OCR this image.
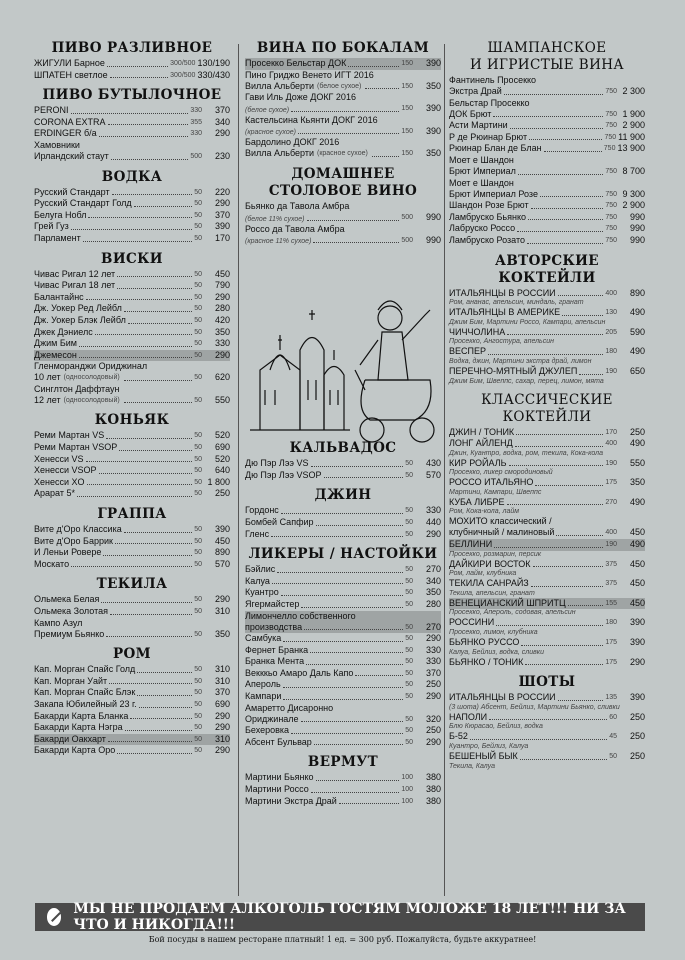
ПИВО РАЗЛИВНОЕ
ЖИГУЛИ Барное	300/500 130/190
ШПАТЕН светлое	300/500 330/430
ПИВО БУТЫЛОЧНОЕ
PERONI	330	370
CORONA EXTRA	355	340
ERDINGER б/а	330	290
Хамовники
Ирландский стаут	500	230
ВОДКА
Русский Стандарт	50	220
Русский Стандарт Голд	50	290
Белуга Нобл	50	370
Грей Гуз	50	390
Парламент	50	170
ВИСКИ
Чивас Ригал 12 лет	50	450
Чивас Ригал 18 лет	50	790
Балантайнс	50	290
Дж. Уокер Ред Лейбл	50	280
Дж. Уокер Блэк Лейбл	50	420
Джек Дэниелс	50	350
Джим Бим	50	330
Джемесон	50	290
Гленморанджи Ориджинал
10 лет (односолодовый)	50	620
Синглтон Даффтаун
12 лет (односолодовый)	50	550
КОНЬЯК
Реми Мартан VS	50	520
Реми Мартан VSOP	50	690
Хенесси VS	50	520
Хенесси VSOP	50	640
Хенесси XO	50 1 800
Арарат 5*	50	250
ГРАППА
Вите д'Оро Классика	50	390
Вите д'Оро Баррик	50	450
И Леньи Ровере	50	890
Москато	50	570
ТЕКИЛА
Ольмека Белая	50	290
Ольмека Золотая	50	310
Кампо Азул
Премиум Бьянко	50	350
РОМ
Кап. Морган Спайс Голд	50	310
Кап. Морган Уайт	50	310
Кап. Морган Спайс Блэк	50	370
Закапа Юбилейный 23 г.	50	690
Бакарди Карта Бланка	50	290
Бакарди Карта Нэгра	50	290
Бакарди Оакхарт	50	310
Бакарди Карта Оро	50	290
ВИНА ПО БОКАЛАМ
Просекко Бельстар ДОК	150	390
Пино Гриджо Венето ИГТ 2016
Вилла Альберти (белое сухое)	150	350
Гави Иль Доже ДОКГ 2016
(белое сухое)	150	390
Кастельсина Кьянти ДОКГ 2016
(красное сухое)	150	390
Бардолино ДОКГ 2016
Вилла Альберти (красное сухое)	150	350
ДОМАШНЕЕ
СТОЛОВОЕ ВИНО
Бьянко да Тавола Амбра
(белое 11% сухое)	500	990
Россо да Тавола Амбра
(красное 11% сухое)	500	990
КАЛЬВАДОС
Дю Пэр Лээ VS	50	430
Дю Пэр Лээ VSOP	50	570
ДЖИН
Гордонс	50	330
Бомбей Сапфир	50	440
Гленс	50	290
ЛИКЕРЫ / НАСТОЙКИ
Бэйлис	50	270
Калуа	50	340
Куантро	50	350
Ягермайстер	50	280
Лимончелло собственного
производства	50	270
Самбука	50	290
Фернет Бранка	50	330
Бранка Мента	50	330
Векккьо Амаро Даль Капо	50	370
Апероль	50	250
Кампари	50	290
Амаретто Дисаронно
Ориджинале	50	320
Бехеровка	50	250
Абсент Бульвар	50	290
ВЕРМУТ
Мартини Бьянко	100	380
Мартини Россо	100	380
Мартини Экстра Драй	100	380
ШАМПАНСКОЕ
И ИГРИСТЫЕ ВИНА
Фантинель Просекко
Экстра Драй	750 2 300
Бельстар Просекко
ДОК Брют	750 1 900
Асти Мартини	750 2 900
Р де Рюинар Брют	750 11 900
Рюинар Блан де Блан	750 13 900
Моет е Шандон
Брют Империал	750 8 700
Моет е Шандон
Брют Империал Розе	750 9 300
Шандон Розе Брют	750 2 900
Ламбруско Бьянко	750	990
Лабруско Россо	750	990
Ламбруско Розато	750	990
АВТОРСКИЕ КОКТЕЙЛИ
ИТАЛЬЯНЦЫ В РОССИИ	400	890
Ром, ананас, апельсин, миндаль, гранат
ИТАЛЬЯНЦЫ В АМЕРИКЕ	130	490
Джим Бим, Мартини Россо, Кампари, апельсин
ЧИЧЧОЛИНА	205	590
Просекко, Ангостура, апельсин
ВЕСПЕР	180	490
Водка, джин, Мартини экстра драй, лимон
ПЕРЕЧНО-МЯТНЫЙ ДЖУЛЕП	190	650
Джим Бим, Швеппс, сахар, перец, лимон, мята
КЛАССИЧЕСКИЕ
КОКТЕЙЛИ
ДЖИН / ТОНИК	170	250
ЛОНГ АЙЛЕНД	400	490
Джин, Куантро, водка, ром, текила, Кока-кола
КИР РОЙАЛЬ	190	550
Просекко, ликер смородиновый
РОССО ИТАЛЬЯНО	175	350
Мартини, Кампари, Швеппс
КУБА ЛИБРЕ	270	490
Ром, Кока-кола, лайм
МОХИТО классический /
клубничный / малиновый	400	450
БЕЛЛИНИ	190	490
Просекко, розмарин, персик
ДАЙКИРИ ВОСТОК	375	450
Ром, лайм, клубника
ТЕКИЛА САНРАЙЗ	375	450
Текила, апельсин, гранат
ВЕНЕЦИАНСКИЙ ШПРИТЦ	155	450
Просекко, Апероль, содовая, апельсин
РОССИНИ	180	390
Просекко, лимон, клубника
БЬЯНКО РУССО	175	390
Калуа, Бейлиз, водка, сливки
БЬЯНКО / ТОНИК	175	290
ШОТЫ
ИТАЛЬЯНЦЫ В РОССИИ	135	390
(3 шота) Абсент, Бейлиз, Мартини Бьянко, сливки
НАПОЛИ	60	250
Блю Кюрасао, Бейлиз, водка
Б-52	45	250
Куантро, Бейлиз, Калуа
БЕШЕНЫЙ БЫК	50	250
Текила, Калуа
МЫ НЕ ПРОДАЕМ АЛКОГОЛЬ ГОСТЯМ МОЛОЖЕ 18 ЛЕТ!!! НИ ЗА ЧТО И НИКОГДА!!!
Бой посуды в нашем ресторане платный! 1 ед. = 300 руб. Пожалуйста, будьте аккуратнее!
